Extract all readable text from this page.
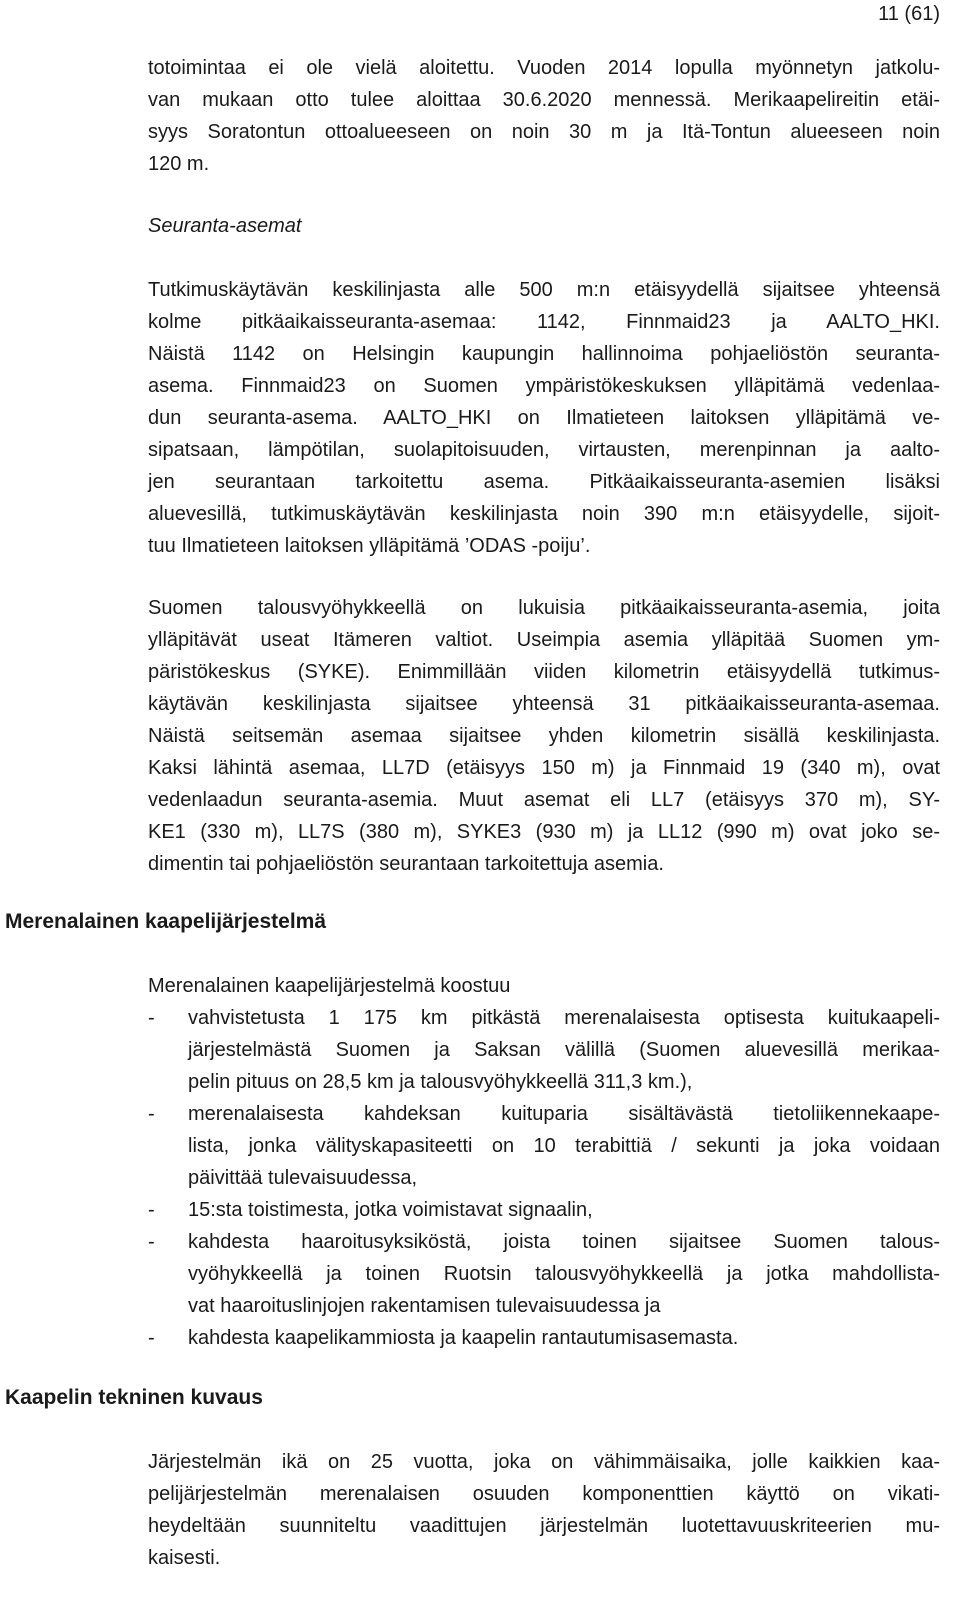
11 (61)
totoimintaa ei ole vielä aloitettu. Vuoden 2014 lopulla myönnetyn jatkolu-
van mukaan otto tulee aloittaa 30.6.2020 mennessä. Merikaapelireitin etäi-
syys Soratontun ottoalueeseen on noin 30 m ja Itä-Tontun alueeseen noin
120 m.
Seuranta-asemat
Tutkimuskäytävän keskilinjasta alle 500 m:n etäisyydellä sijaitsee yhteensä
kolme pitkäaikaisseuranta-asemaa: 1142, Finnmaid23 ja AALTO_HKI.
Näistä 1142 on Helsingin kaupungin hallinnoima pohjaeliöstön seuranta-
asema. Finnmaid23 on Suomen ympäristökeskuksen ylläpitämä vedenlaa-
dun seuranta-asema. AALTO_HKI on Ilmatieteen laitoksen ylläpitämä ve-
sipatsaan, lämpötilan, suolapitoisuuden, virtausten, merenpinnan ja aalto-
jen seurantaan tarkoitettu asema. Pitkäaikaisseuranta-asemien lisäksi
aluevesillä, tutkimuskäytävän keskilinjasta noin 390 m:n etäisyydelle, sijoit-
tuu Ilmatieteen laitoksen ylläpitämä ’ODAS -poiju’.
Suomen talousvyöhykkeellä on lukuisia pitkäaikaisseuranta-asemia, joita
ylläpitävät useat Itämeren valtiot. Useimpia asemia ylläpitää Suomen ym-
päristökeskus (SYKE). Enimmillään viiden kilometrin etäisyydellä tutkimus-
käytävän keskilinjasta sijaitsee yhteensä 31 pitkäaikaisseuranta-asemaa.
Näistä seitsemän asemaa sijaitsee yhden kilometrin sisällä keskilinjasta.
Kaksi lähintä asemaa, LL7D (etäisyys 150 m) ja Finnmaid 19 (340 m), ovat
vedenlaadun seuranta-asemia. Muut asemat eli LL7 (etäisyys 370 m), SY-
KE1 (330 m), LL7S (380 m), SYKE3 (930 m) ja LL12 (990 m) ovat joko se-
dimentin tai pohjaeliöstön seurantaan tarkoitettuja asemia.
Merenalainen kaapelijärjestelmä
Merenalainen kaapelijärjestelmä koostuu
- vahvistetusta 1 175 km pitkästä merenalaisesta optisesta kuitukaapeli-
järjestelmästä Suomen ja Saksan välillä (Suomen aluevesillä merikaa-
pelin pituus on 28,5 km ja talousvyöhykkeellä 311,3 km.),
- merenalaisesta kahdeksan kuituparia sisältävästä tietoliikennekaape-
lista, jonka välityskapasiteetti on 10 terabittiä / sekunti ja joka voidaan
päivittää tulevaisuudessa,
- 15:sta toistimesta, jotka voimistavat signaalin,
- kahdesta haaroitusyksiköstä, joista toinen sijaitsee Suomen talous-
vyöhykkeellä ja toinen Ruotsin talousvyöhykkeellä ja jotka mahdollista-
vat haaroituslinjojen rakentamisen tulevaisuudessa ja
- kahdesta kaapelikammiosta ja kaapelin rantautumisasemasta.
Kaapelin tekninen kuvaus
Järjestelmän ikä on 25 vuotta, joka on vähimmäisaika, jolle kaikkien kaa-
pelijärjestelmän merenalaisen osuuden komponenttien käyttö on vikati-
heydeltään suunniteltu vaadittujen järjestelmän luotettavuuskriteerien mu-
kaisesti.
